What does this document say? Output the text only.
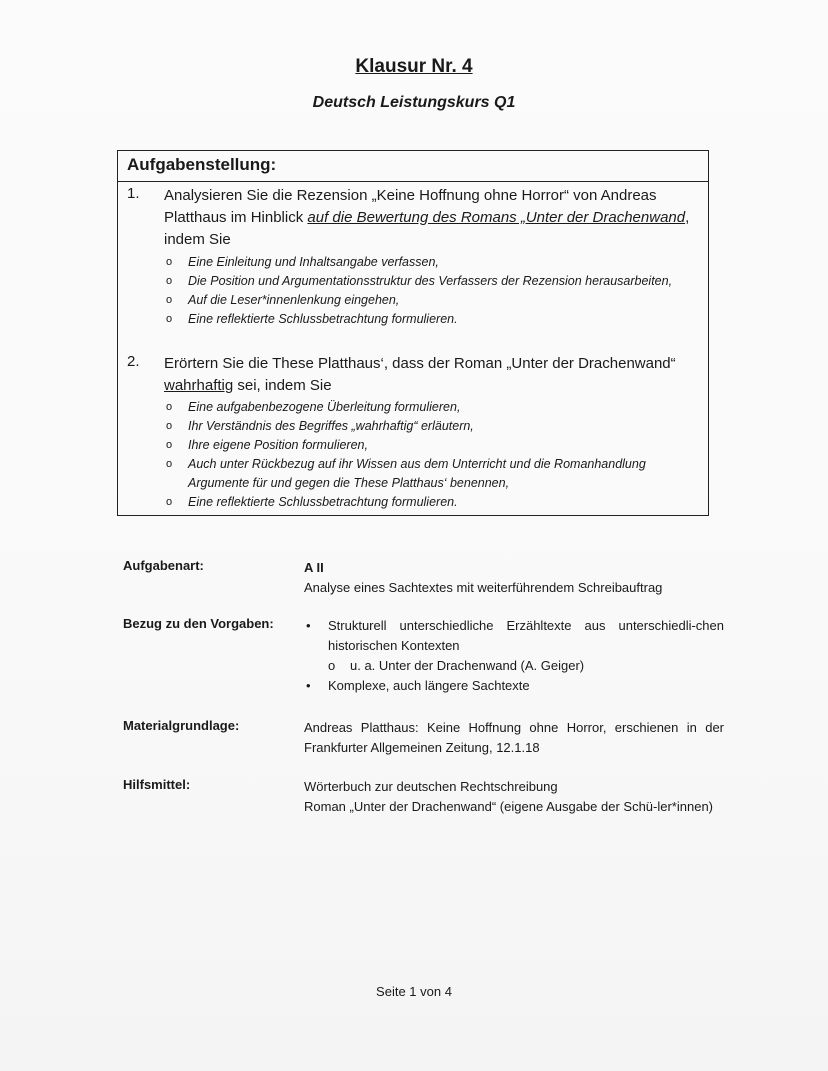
Klausur Nr. 4
Deutsch Leistungskurs Q1
Aufgabenstellung:
1. Analysieren Sie die Rezension „Keine Hoffnung ohne Horror“ von Andreas Platthaus im Hinblick auf die Bewertung des Romans „Unter der Drachenwand, indem Sie
o Eine Einleitung und Inhaltsangabe verfassen,
o Die Position und Argumentationsstruktur des Verfassers der Rezension herausarbeiten,
o Auf die Leser*innenlenkung eingehen,
o Eine reflektierte Schlussbetrachtung formulieren.
2. Erörtern Sie die These Platthaus‘, dass der Roman „Unter der Drachenwand“ wahrhaftig sei, indem Sie
o Eine aufgabenbezogene Überleitung formulieren,
o Ihr Verständnis des Begriffes „wahrhaftig“ erläutern,
o Ihre eigene Position formulieren,
o Auch unter Rückbezug auf ihr Wissen aus dem Unterricht und die Romanhandlung Argumente für und gegen die These Platthaus‘ benennen,
o Eine reflektierte Schlussbetrachtung formulieren.
Aufgabenart:	A II
Analyse eines Sachtextes mit weiterführendem Schreibauftrag
Bezug zu den Vorgaben: • Strukturell unterschiedliche Erzähltexte aus unterschiedli-chen historischen Kontexten
o u. a. Unter der Drachenwand (A. Geiger)
• Komplexe, auch längere Sachtexte
Materialgrundlage:	Andreas Platthaus: Keine Hoffnung ohne Horror, erschienen in der Frankfurter Allgemeinen Zeitung, 12.1.18
Hilfsmittel:	Wörterbuch zur deutschen Rechtschreibung
Roman „Unter der Drachenwand“ (eigene Ausgabe der Schü-ler*innen)
Seite 1 von 4
